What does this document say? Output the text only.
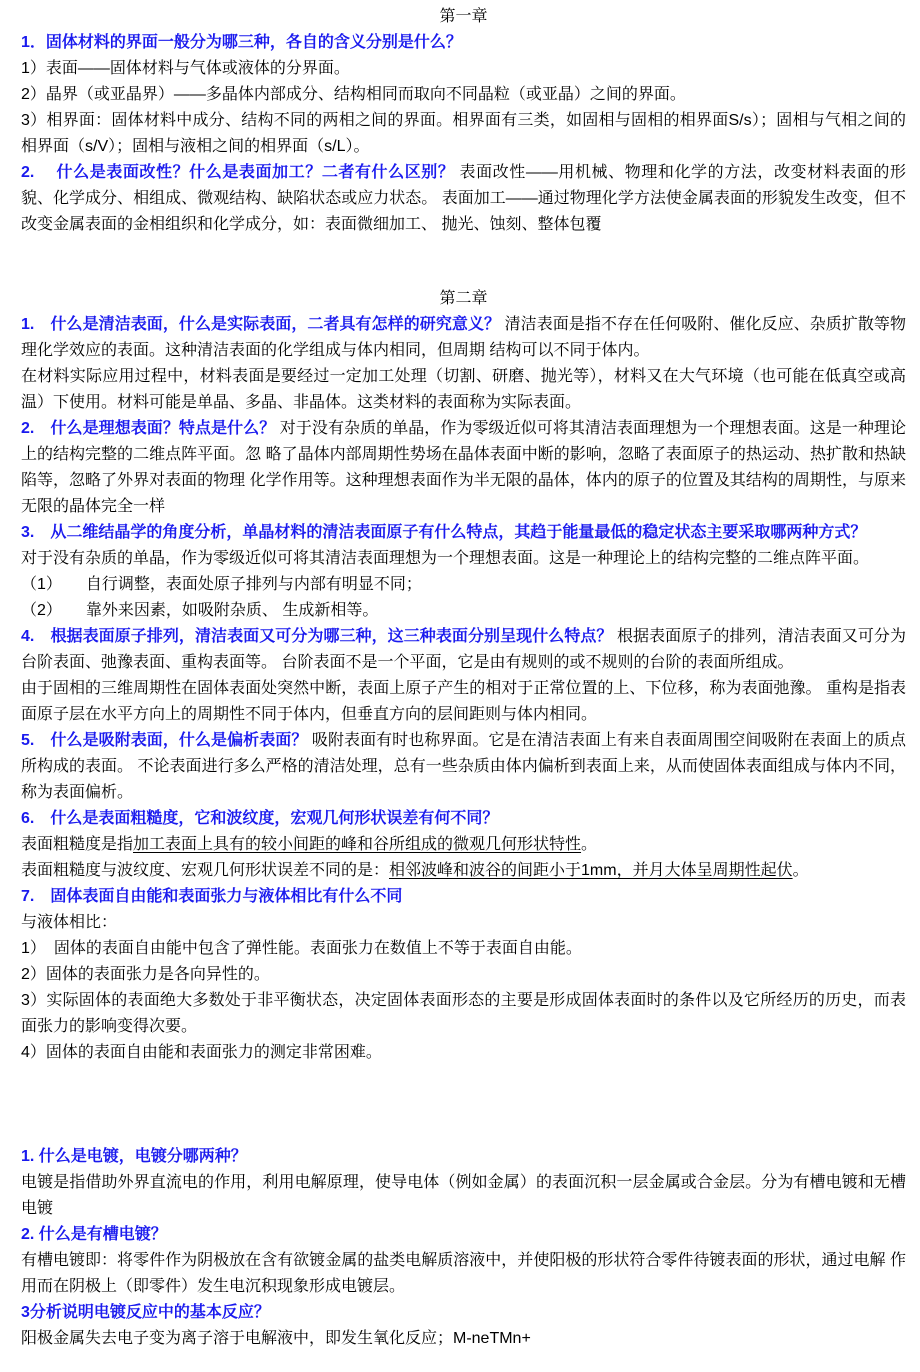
第一章

1．固体材料的界面一般分为哪三种，各自的含义分别是什么？

1）表面——固体材料与气体或液体的分界面。

2）晶界（或亚晶界）——多晶体内部成分、结构相同而取向不同晶粒（或亚晶）之间的界面。

3）相界面：固体材料中成分、结构不同的两相之间的界面。相界面有三类，如固相与固相的相界面S/s）；固相与气相之间的相界面（s/V）；固相与液相之间的相界面（s/L）。

2.　 什么是表面改性？什么是表面加工？二者有什么区别？ 表面改性——用机械、物理和化学的方法，改变材料表面的形貌、化学成分、相组成、微观结构、缺陷状态或应力状态。 表面加工——通过物理化学方法使金属表面的形貌发生改变，但不改变金属表面的金相组织和化学成分，如：表面微细加工、 抛光、蚀刻、整体包覆

第二章

1.　什么是清洁表面，什么是实际表面，二者具有怎样的研究意义？ 清洁表面是指不存在任何吸附、催化反应、杂质扩散等物理化学效应的表面。这种清洁表面的化学组成与体内相同，但周期 结构可以不同于体内。

在材料实际应用过程中，材料表面是要经过一定加工处理（切割、研磨、抛光等），材料又在大气环境（也可能在低真空或高 温）下使用。材料可能是单晶、多晶、非晶体。这类材料的表面称为实际表面。

2.　什么是理想表面？特点是什么？ 对于没有杂质的单晶，作为零级近似可将其清洁表面理想为一个理想表面。这是一种理论上的结构完整的二维点阵平面。忽 略了晶体内部周期性势场在晶体表面中断的影响，忽略了表面原子的热运动、热扩散和热缺陷等，忽略了外界对表面的物理 化学作用等。这种理想表面作为半无限的晶体，体内的原子的位置及其结构的周期性，与原来无限的晶体完全一样

3.　从二维结晶学的角度分析，单晶材料的清洁表面原子有什么特点，其趋于能量最低的稳定状态主要采取哪两种方式？

对于没有杂质的单晶，作为零级近似可将其清洁表面理想为一个理想表面。这是一种理论上的结构完整的二维点阵平面。

（1）　　自行调整，表面处原子排列与内部有明显不同；

（2）　　靠外来因素，如吸附杂质、 生成新相等。

4.　根据表面原子排列，清洁表面又可分为哪三种，这三种表面分别呈现什么特点？ 根据表面原子的排列，清洁表面又可分为台阶表面、弛豫表面、重构表面等。 台阶表面不是一个平面，它是由有规则的或不规则的台阶的表面所组成。

由于固相的三维周期性在固体表面处突然中断，表面上原子产生的相对于正常位置的上、下位移，称为表面弛豫。 重构是指表面原子层在水平方向上的周期性不同于体内，但垂直方向的层间距则与体内相同。

5.　什么是吸附表面，什么是偏析表面？ 吸附表面有时也称界面。它是在清洁表面上有来自表面周围空间吸附在表面上的质点所构成的表面。 不论表面进行多么严格的清洁处理，总有一些杂质由体内偏析到表面上来，从而使固体表面组成与体内不同，称为表面偏析。

6.　什么是表面粗糙度，它和波纹度，宏观几何形状误差有何不同？

表面粗糙度是指加工表面上具有的较小间距的峰和谷所组成的微观几何形状特性。

表面粗糙度与波纹度、宏观几何形状误差不同的是：相邻波峰和波谷的间距小于1mm，并月大体呈周期性起伏。

7.　固体表面自由能和表面张力与液体相比有什么不同

与液体相比：

1）　固体的表面自由能中包含了弹性能。表面张力在数值上不等于表面自由能。

2）固体的表面张力是各向异性的。

3）实际固体的表面绝大多数处于非平衡状态，决定固体表面形态的主要是形成固体表面时的条件以及它所经历的历史，而表面张力的影响变得次要。

4）固体的表面自由能和表面张力的测定非常困难。

1. 什么是电镀，电镀分哪两种？

电镀是指借助外界直流电的作用，利用电解原理，使导电体（例如金属）的表面沉积一层金属或合金层。分为有槽电镀和无槽 电镀

2. 什么是有槽电镀？

有槽电镀即：将零件作为阴极放在含有欲镀金属的盐类电解质溶液中，并使阳极的形状符合零件待镀表面的形状，通过电解 作用而在阴极上（即零件）发生电沉积现象形成电镀层。

3分析说明电镀反应中的基本反应？

阳极金属失去电子变为离子溶于电解液中，即发生氧化反应；M-neTMn+
